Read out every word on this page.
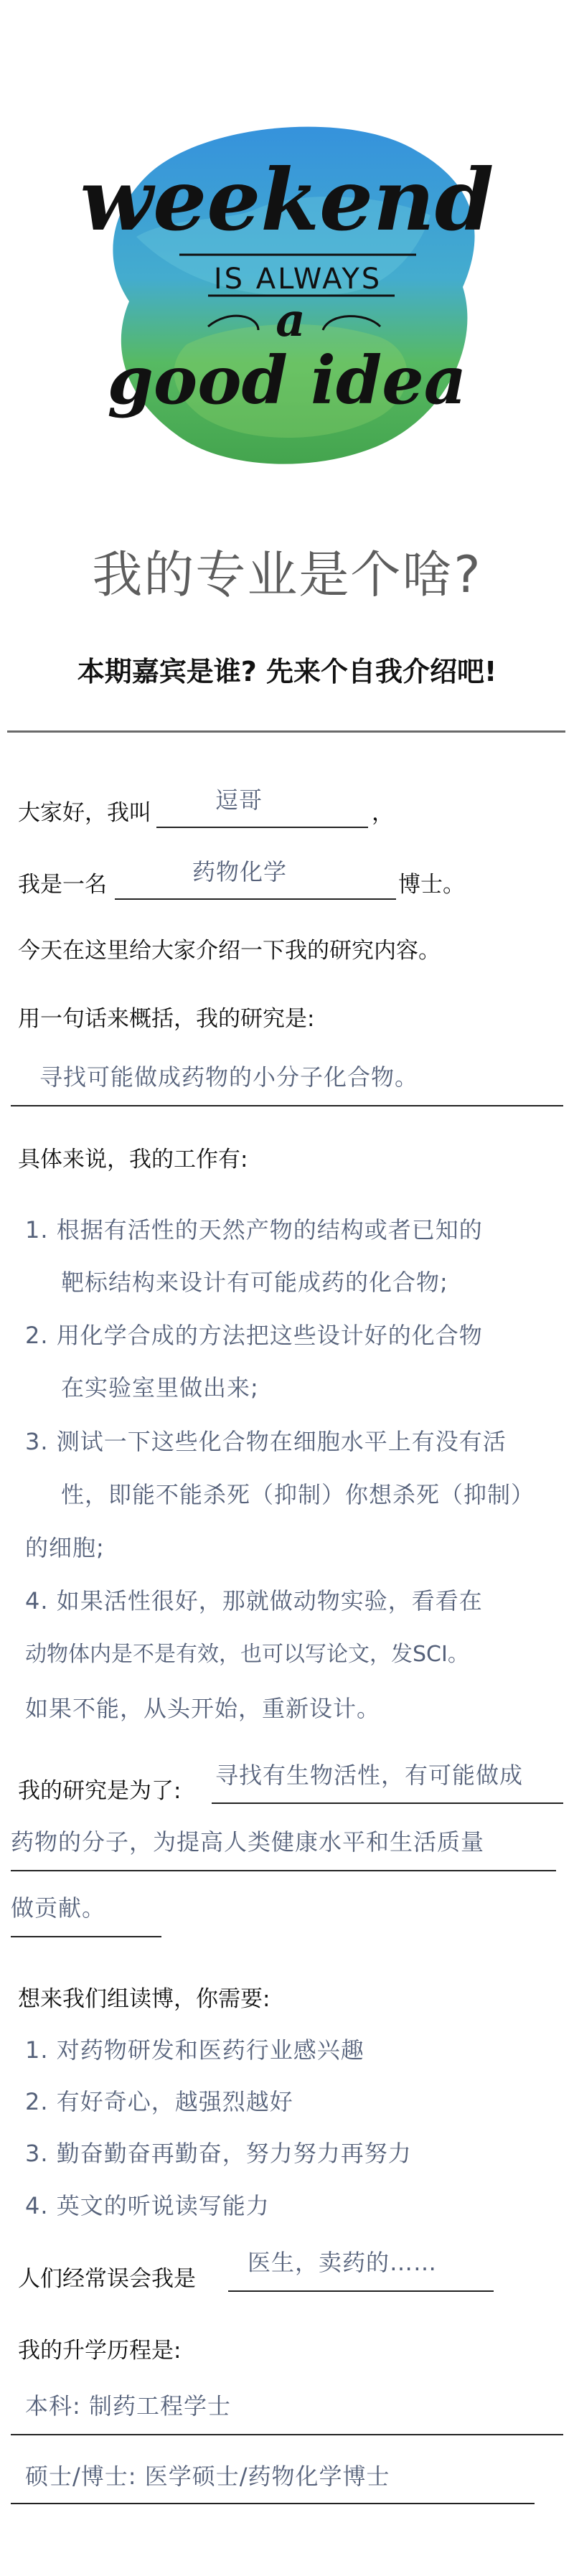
weekend
IS ALWAYS
a
good idea
我的专业是个啥?
本期嘉宾是谁? 先来个自我介绍吧!
大家好，我叫	逗哥	，
我是一名	药物化学	博士。
今天在这里给大家介绍一下我的研究内容。
用一句话来概括，我的研究是:
寻找可能做成药物的小分子化合物。
具体来说，我的工作有:
1. 根据有活性的天然产物的结构或者已知的
靶标结构来设计有可能成药的化合物;
2. 用化学合成的方法把这些设计好的化合物
在实验室里做出来;
3. 测试一下这些化合物在细胞水平上有没有活
性，即能不能杀死（抑制）你想杀死（抑制）
的细胞;
4. 如果活性很好，那就做动物实验，看看在
动物体内是不是有效，也可以写论文，发SCI。
如果不能，从头开始，重新设计。
我的研究是为了:
寻找有生物活性，有可能做成
药物的分子，为提高人类健康水平和生活质量
做贡献。
想来我们组读博，你需要:
1. 对药物研发和医药行业感兴趣
2. 有好奇心，越强烈越好
3. 勤奋勤奋再勤奋，努力努力再努力
4. 英文的听说读写能力
人们经常误会我是
医生，卖药的……
我的升学历程是:
本科: 制药工程学士
硕士/博士: 医学硕士/药物化学博士
